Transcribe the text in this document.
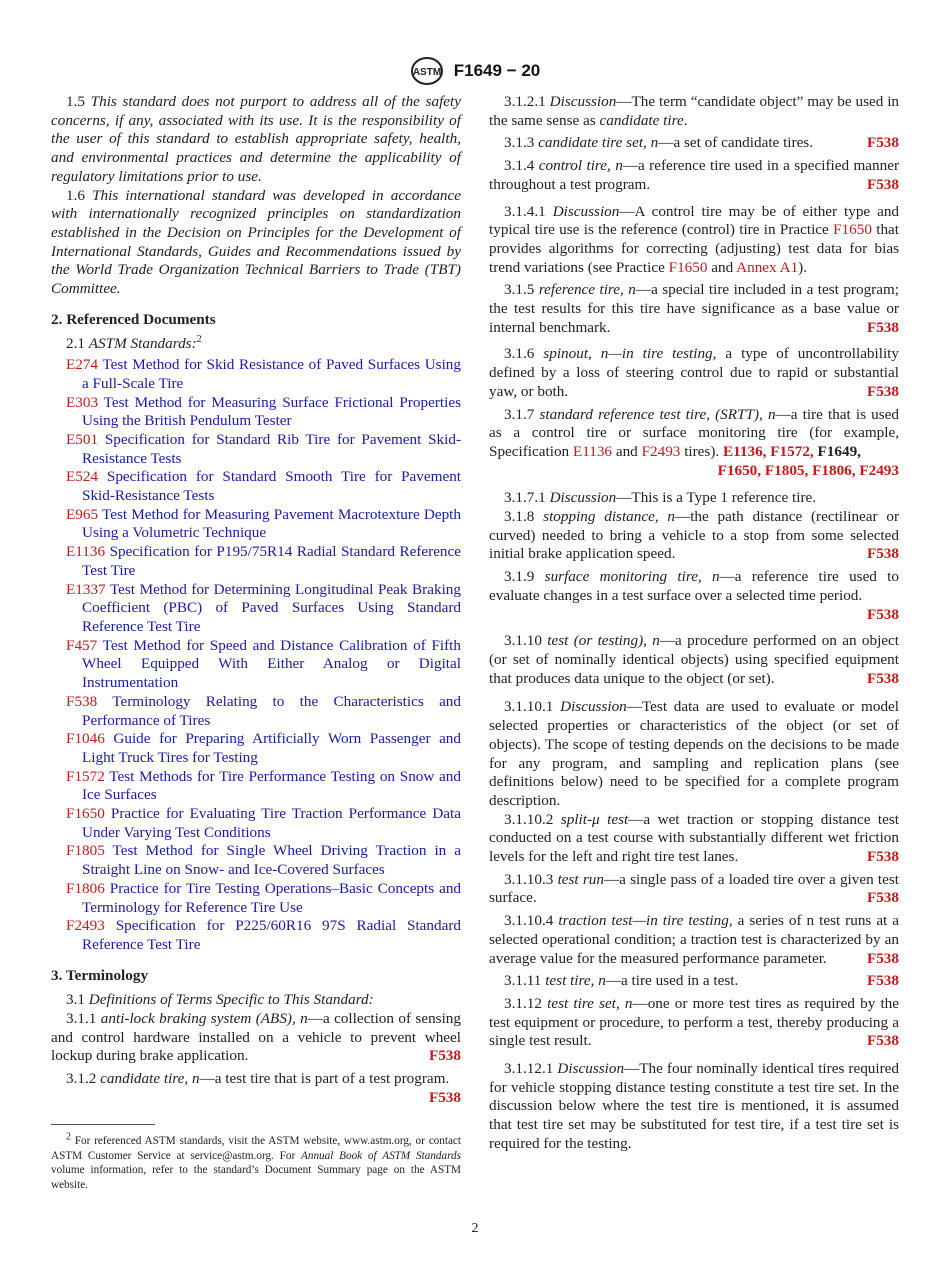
ASTM F1649 − 20

1.5 This standard does not purport to address all of the safety concerns, if any, associated with its use. It is the responsibility of the user of this standard to establish appropriate safety, health, and environmental practices and determine the applicability of regulatory limitations prior to use.

1.6 This international standard was developed in accordance with internationally recognized principles on standardization established in the Decision on Principles for the Development of International Standards, Guides and Recommendations issued by the World Trade Organization Technical Barriers to Trade (TBT) Committee.

2. Referenced Documents

2.1 ASTM Standards:$^2$

E274 Test Method for Skid Resistance of Paved Surfaces Using a Full-Scale Tire
E303 Test Method for Measuring Surface Frictional Properties Using the British Pendulum Tester
E501 Specification for Standard Rib Tire for Pavement Skid-Resistance Tests
E524 Specification for Standard Smooth Tire for Pavement Skid-Resistance Tests
E965 Test Method for Measuring Pavement Macrotexture Depth Using a Volumetric Technique
E1136 Specification for P195/75R14 Radial Standard Reference Test Tire
E1337 Test Method for Determining Longitudinal Peak Braking Coefficient (PBC) of Paved Surfaces Using Standard Reference Test Tire
F457 Test Method for Speed and Distance Calibration of Fifth Wheel Equipped With Either Analog or Digital Instrumentation
F538 Terminology Relating to the Characteristics and Performance of Tires
F1046 Guide for Preparing Artificially Worn Passenger and Light Truck Tires for Testing
F1572 Test Methods for Tire Performance Testing on Snow and Ice Surfaces
F1650 Practice for Evaluating Tire Traction Performance Data Under Varying Test Conditions
F1805 Test Method for Single Wheel Driving Traction in a Straight Line on Snow- and Ice-Covered Surfaces
F1806 Practice for Tire Testing Operations–Basic Concepts and Terminology for Reference Tire Use
F2493 Specification for P225/60R16 97S Radial Standard Reference Test Tire
3. Terminology

3.1 Definitions of Terms Specific to This Standard:

3.1.1 anti-lock braking system (ABS), n—a collection of sensing and control hardware installed on a vehicle to prevent wheel lockup during brake application.	F538

3.1.2 candidate tire, n—a test tire that is part of a test program.
F538

$^2$ For referenced ASTM standards, visit the ASTM website, www.astm.org, or contact ASTM Customer Service at service@astm.org. For Annual Book of ASTM Standards volume information, refer to the standard’s Document Summary page on the ASTM website.

3.1.2.1 Discussion—The term “candidate object” may be used in the same sense as candidate tire.

3.1.3 candidate tire set, n—a set of candidate tires.	F538

3.1.4 control tire, n—a reference tire used in a specified manner throughout a test program.	F538

3.1.4.1 Discussion—A control tire may be of either type and typical tire use is the reference (control) tire in Practice F1650 that provides algorithms for correcting (adjusting) test data for bias trend variations (see Practice F1650 and Annex A1).

3.1.5 reference tire, n—a special tire included in a test program; the test results for this tire have significance as a base value or internal benchmark.	F538

3.1.6 spinout, n—in tire testing, a type of uncontrollability defined by a loss of steering control due to rapid or substantial yaw, or both.	F538

3.1.7 standard reference test tire, (SRTT), n—a tire that is used as a control tire or surface monitoring tire (for example, Specification E1136 and F2493 tires). E1136, F1572, F1649,

F1650, F1805, F1806, F2493

3.1.7.1 Discussion—This is a Type 1 reference tire.

3.1.8 stopping distance, n—the path distance (rectilinear or curved) needed to bring a vehicle to a stop from some selected initial brake application speed.	F538

3.1.9 surface monitoring tire, n—a reference tire used to evaluate changes in a test surface over a selected time period.
F538

3.1.10 test (or testing), n—a procedure performed on an object (or set of nominally identical objects) using specified equipment that produces data unique to the object (or set).	F538

3.1.10.1 Discussion—Test data are used to evaluate or model selected properties or characteristics of the object (or set of objects). The scope of testing depends on the decisions to be made for any program, and sampling and replication plans (see definitions below) need to be specified for a complete program description.

3.1.10.2 split-μ test—a wet traction or stopping distance test conducted on a test course with substantially different wet friction levels for the left and right tire test lanes.	F538

3.1.10.3 test run—a single pass of a loaded tire over a given test surface.	F538

3.1.10.4 traction test—in tire testing, a series of n test runs at a selected operational condition; a traction test is characterized by an average value for the measured performance parameter.	F538

3.1.11 test tire, n—a tire used in a test.	F538

3.1.12 test tire set, n—one or more test tires as required by the test equipment or procedure, to perform a test, thereby producing a single test result.	F538

3.1.12.1 Discussion—The four nominally identical tires required for vehicle stopping distance testing constitute a test tire set. In the discussion below where the test tire is mentioned, it is assumed that test tire set may be substituted for test tire, if a test tire set is required for the testing.

2
